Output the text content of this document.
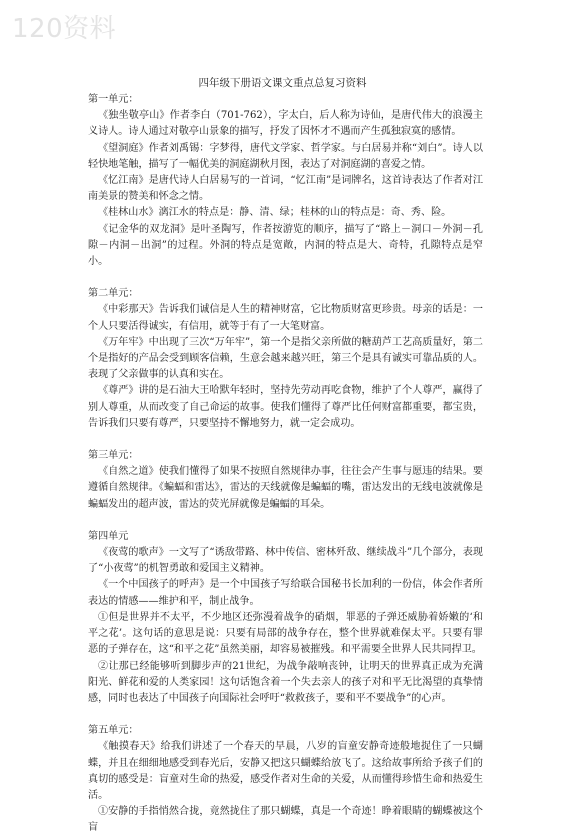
120资料
四年级下册语文课文重点总复习资料

第一单元：

《独坐敬亭山》作者李白（701-762），字太白，后人称为诗仙，是唐代伟大的浪漫主义诗人。诗人通过对敬亭山景象的描写，抒发了因怀才不遇而产生孤独寂寞的感情。

《望洞庭》作者刘禹锡：字梦得，唐代文学家、哲学家。与白居易并称“刘白”。诗人以轻快地笔触，描写了一幅优美的洞庭湖秋月图，表达了对洞庭湖的喜爱之情。

《忆江南》是唐代诗人白居易写的一首词，“忆江南”是词牌名，这首诗表达了作者对江南美景的赞美和怀念之情。

《桂林山水》漓江水的特点是：静、清、绿；桂林的山的特点是：奇、秀、险。

《记金华的双龙洞》是叶圣陶写，作者按游览的顺序，描写了“路上－洞口－外洞－孔隙－内洞－出洞”的过程。外洞的特点是宽敞，内洞的特点是大、奇特，孔隙特点是窄小。

第二单元：

《中彩那天》告诉我们诚信是人生的精神财富，它比物质财富更珍贵。母亲的话是：一个人只要活得诚实，有信用，就等于有了一大笔财富。

《万年牢》中出现了三次“万年牢”，第一个是指父亲所做的糖葫芦工艺高质量好，第二个是指好的产品会受到顾客信赖，生意会越来越兴旺，第三个是具有诚实可靠品质的人。表现了父亲做事的认真和实在。

《尊严》讲的是石油大王哈默年轻时，坚持先劳动再吃食物，维护了个人尊严，赢得了别人尊重，从而改变了自己命运的故事。使我们懂得了尊严比任何财富都重要，都宝贵，告诉我们只要有尊严，只要坚持不懈地努力，就一定会成功。

第三单元：

《自然之道》使我们懂得了如果不按照自然规律办事，往往会产生事与愿违的结果。要遵循自然规律。《蝙蝠和雷达》，雷达的天线就像是蝙蝠的嘴，雷达发出的无线电波就像是蝙蝠发出的超声波，雷达的荧光屏就像是蝙蝠的耳朵。

第四单元

《夜莺的歌声》一文写了“诱敌带路、林中传信、密林歼敌、继续战斗”几个部分，表现了“小夜莺”的机智勇敢和爱国主义精神。

《一个中国孩子的呼声》是一个中国孩子写给联合国秘书长加利的一份信，体会作者所表达的情感——维护和平，制止战争。

①但是世界并不太平，不少地区还弥漫着战争的硝烟，罪恶的子弹还威胁着娇嫩的‘和平之花’。这句话的意思是说：只要有局部的战争存在，整个世界就难保太平。只要有罪恶的子弹存在，这“和平之花”虽然美丽，却容易被摧残。和平需要全世界人民共同捍卫。

②让那已经能够听到脚步声的21世纪，为战争敲响丧钟，让明天的世界真正成为充满阳光、鲜花和爱的人类家园！这句话饱含着一个失去亲人的孩子对和平无比渴望的真挚情感，同时也表达了中国孩子向国际社会呼吁“救救孩子，要和平不要战争”的心声。

第五单元：

《触摸春天》给我们讲述了一个春天的早晨，八岁的盲童安静奇迹般地捉住了一只蝴蝶，并且在细细地感受到春光后，安静又把这只蝴蝶给放飞了。这给故事所给予孩子们的真切的感受是：盲童对生命的热爱，感受作者对生命的关爱，从而懂得珍惜生命和热爱生活。

①安静的手指悄然合拢，竟然拢住了那只蝴蝶，真是一个奇迹！睁着眼睛的蝴蝶被这个盲
